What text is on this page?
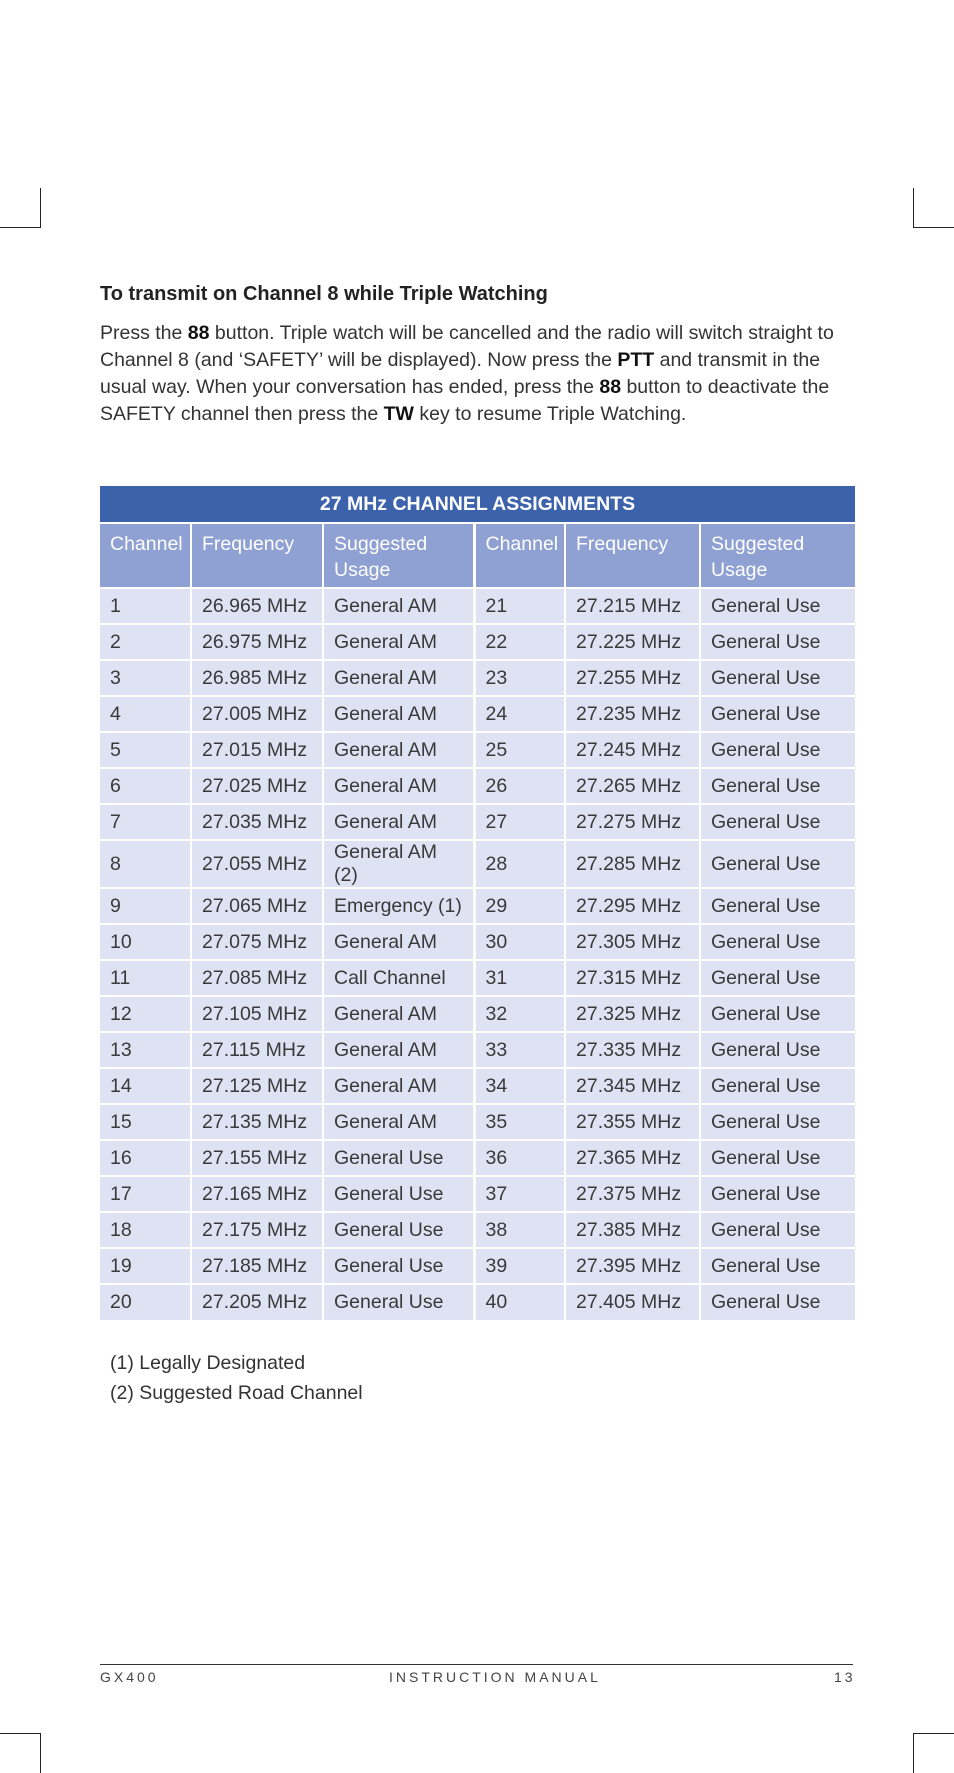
To transmit on Channel 8 while Triple Watching
Press the 88 button. Triple watch will be cancelled and the radio will switch straight to Channel 8 (and ‘SAFETY’ will be displayed). Now press the PTT and transmit in the usual way. When your conversation has ended, press the 88 button to deactivate the SAFETY channel then press the TW key to resume Triple Watching.
27 MHz CHANNEL ASSIGNMENTS					
Channel	Frequency	Suggested Usage	Channel	Frequency	Suggested Usage
1	26.965 MHz	General AM	21	27.215 MHz	General Use
2	26.975 MHz	General AM	22	27.225 MHz	General Use
3	26.985 MHz	General AM	23	27.255 MHz	General Use
4	27.005 MHz	General AM	24	27.235 MHz	General Use
5	27.015 MHz	General AM	25	27.245 MHz	General Use
6	27.025 MHz	General AM	26	27.265 MHz	General Use
7	27.035 MHz	General AM	27	27.275 MHz	General Use
8	27.055 MHz	General AM (2)	28	27.285 MHz	General Use
9	27.065 MHz	Emergency (1)	29	27.295 MHz	General Use
10	27.075 MHz	General AM	30	27.305 MHz	General Use
11	27.085 MHz	Call Channel	31	27.315 MHz	General Use
12	27.105 MHz	General AM	32	27.325 MHz	General Use
13	27.115 MHz	General AM	33	27.335 MHz	General Use
14	27.125 MHz	General AM	34	27.345 MHz	General Use
15	27.135 MHz	General AM	35	27.355 MHz	General Use
16	27.155 MHz	General Use	36	27.365 MHz	General Use
17	27.165 MHz	General Use	37	27.375 MHz	General Use
18	27.175 MHz	General Use	38	27.385 MHz	General Use
19	27.185 MHz	General Use	39	27.395 MHz	General Use
20	27.205 MHz	General Use	40	27.405 MHz	General Use
(1) Legally Designated
(2) Suggested Road Channel
GX400	INSTRUCTION MANUAL	13
